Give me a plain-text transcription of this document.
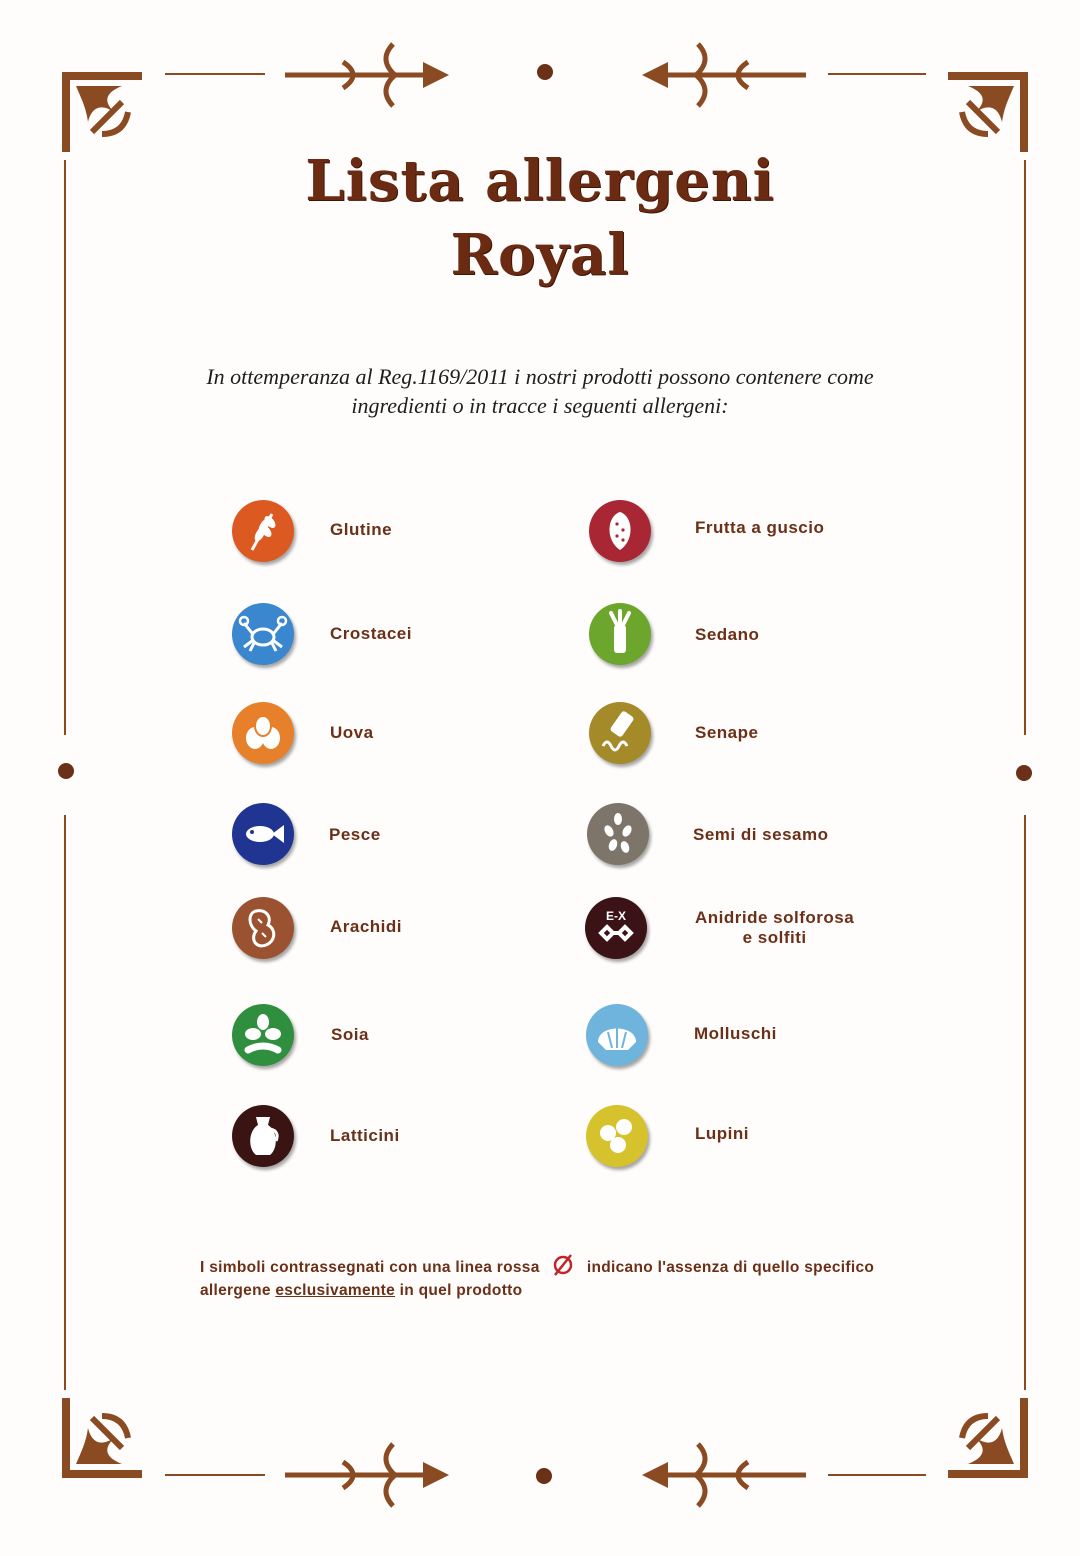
Lista allergeni
Royal
In ottemperanza al Reg.1169/2011 i nostri prodotti possono contenere come
ingredienti o in tracce i seguenti allergeni:
Glutine
Crostacei
Uova
Pesce
Arachidi
Soia
Latticini
Frutta a guscio
Sedano
Senape
Semi di sesamo
E-X	Anidride solforosa
e solfiti
Molluschi
Lupini
I simboli contrassegnati con una linea rossa	indicano l'assenza di quello specifico
allergene esclusivamente in quel prodotto
